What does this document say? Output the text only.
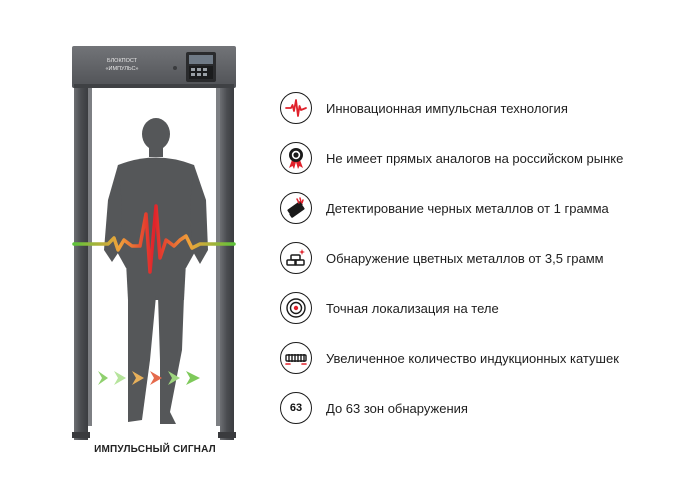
БЛОКПОСТ
«ИМПУЛЬС»
ИМПУЛЬСНЫЙ СИГНАЛ
Инновационная импульсная технология
Не имеет прямых аналогов на российском рынке
Детектирование черных металлов от 1 грамма
Обнаружение цветных металлов от 3,5 грамм
Точная локализация на теле
Увеличенное количество индукционных катушек
63 До 63 зон обнаружения
